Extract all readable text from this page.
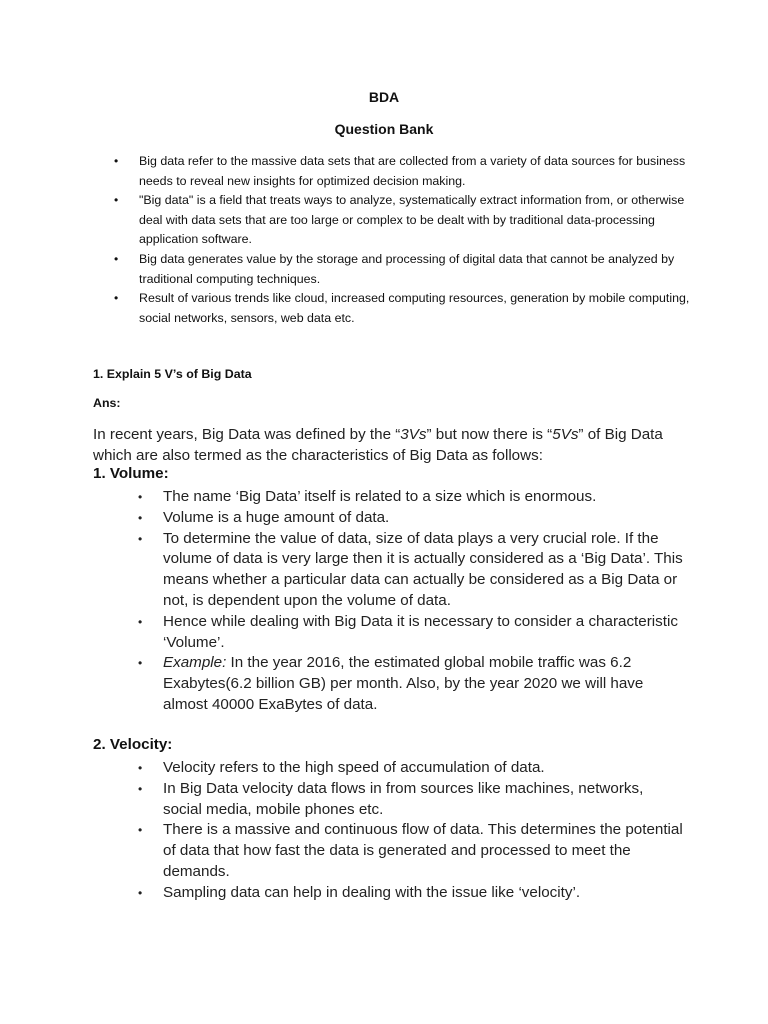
BDA
Question Bank
• Big data refer to the massive data sets that are collected from a variety of data sources for business needs to reveal new insights for optimized decision making.
• "Big data" is a field that treats ways to analyze, systematically extract information from, or otherwise deal with data sets that are too large or complex to be dealt with by traditional data-processing application software.
• Big data generates value by the storage and processing of digital data that cannot be analyzed by traditional computing techniques.
• Result of various trends like cloud, increased computing resources, generation by mobile computing, social networks, sensors, web data etc.
1. Explain 5 V’s of Big Data
Ans:
In recent years, Big Data was defined by the “3Vs” but now there is “5Vs” of Big Data which are also termed as the characteristics of Big Data as follows:
1. Volume:
• The name ‘Big Data’ itself is related to a size which is enormous.
• Volume is a huge amount of data.
• To determine the value of data, size of data plays a very crucial role. If the volume of data is very large then it is actually considered as a ‘Big Data’. This means whether a particular data can actually be considered as a Big Data or not, is dependent upon the volume of data.
• Hence while dealing with Big Data it is necessary to consider a characteristic ‘Volume’.
• Example: In the year 2016, the estimated global mobile traffic was 6.2 Exabytes(6.2 billion GB) per month. Also, by the year 2020 we will have almost 40000 ExaBytes of data.
2. Velocity:
• Velocity refers to the high speed of accumulation of data.
• In Big Data velocity data flows in from sources like machines, networks, social media, mobile phones etc.
• There is a massive and continuous flow of data. This determines the potential of data that how fast the data is generated and processed to meet the demands.
• Sampling data can help in dealing with the issue like ‘velocity’.
